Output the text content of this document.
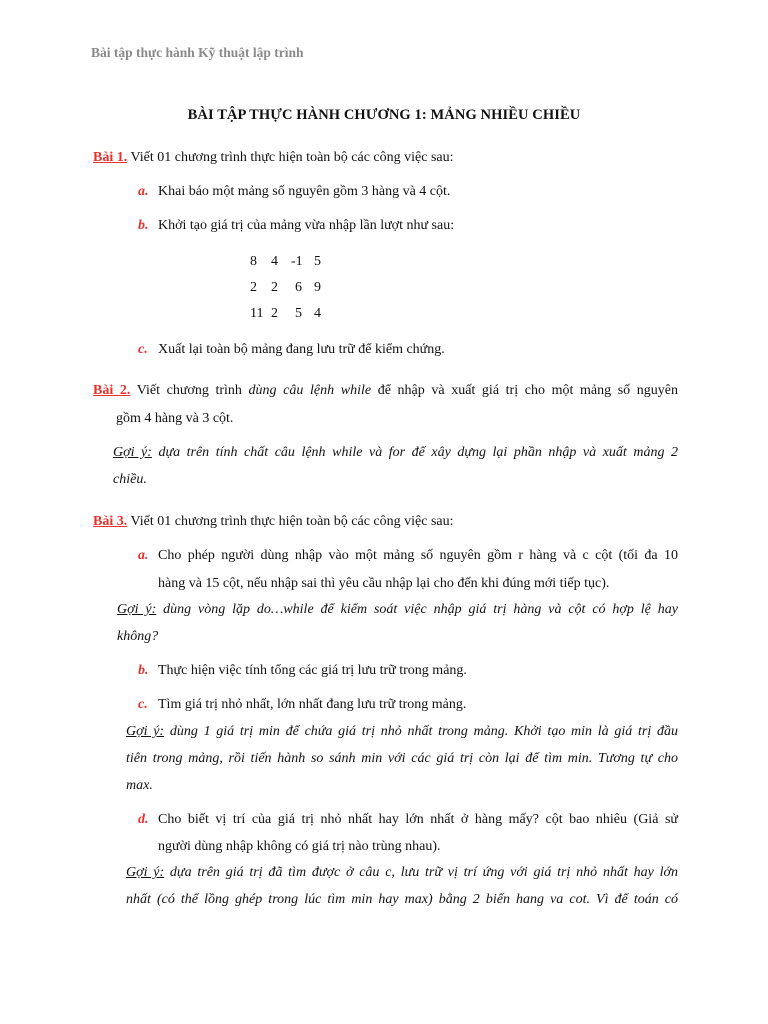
Bài tập thực hành Kỹ thuật lập trình
BÀI TẬP THỰC HÀNH CHƯƠNG 1: MẢNG NHIỀU CHIỀU
Bài 1. Viết 01 chương trình thực hiện toàn bộ các công việc sau:
a. Khai báo một mảng số nguyên gồm 3 hàng và 4 cột.
b. Khởi tạo giá trị của mảng vừa nhập lần lượt như sau:
8 4 -1 5
2 2 6 9
11 2 5 4
c. Xuất lại toàn bộ mảng đang lưu trữ để kiểm chứng.
Bài 2. Viết chương trình dùng câu lệnh while để nhập và xuất giá trị cho một mảng số nguyên
gồm 4 hàng và 3 cột.
Gợi ý: dựa trên tính chất câu lệnh while và for để xây dựng lại phần nhập và xuất mảng 2
chiều.
Bài 3. Viết 01 chương trình thực hiện toàn bộ các công việc sau:
a. Cho phép người dùng nhập vào một mảng số nguyên gồm r hàng và c cột (tối đa 10
hàng và 15 cột, nếu nhập sai thì yêu cầu nhập lại cho đến khi đúng mới tiếp tục).
Gợi ý: dùng vòng lặp do…while để kiểm soát việc nhập giá trị hàng và cột có hợp lệ hay
không?
b. Thực hiện việc tính tổng các giá trị lưu trữ trong mảng.
c. Tìm giá trị nhỏ nhất, lớn nhất đang lưu trữ trong mảng.
Gợi ý: dùng 1 giá trị min để chứa giá trị nhỏ nhất trong mảng. Khởi tạo min là giá trị đầu
tiên trong mảng, rồi tiến hành so sánh min với các giá trị còn lại để tìm min. Tương tự cho
max.
d. Cho biết vị trí của giá trị nhỏ nhất hay lớn nhất ở hàng mấy? cột bao nhiêu (Giả sử
người dùng nhập không có giá trị nào trùng nhau).
Gợi ý: dựa trên giá trị đã tìm được ở câu c, lưu trữ vị trí ứng với giá trị nhỏ nhất hay lớn
nhất (có thể lồng ghép trong lúc tìm min hay max) bằng 2 biến hang va cot. Vì để toán có
